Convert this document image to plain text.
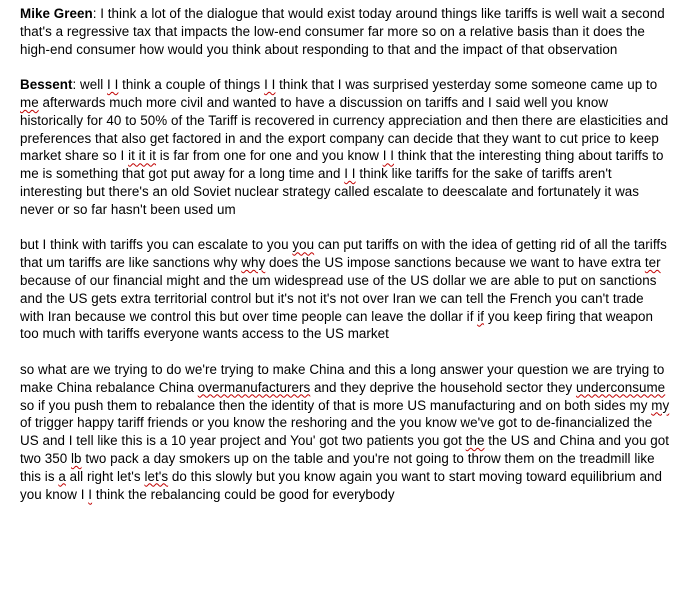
Mike Green: I think a lot of the dialogue that would exist today around things like tariffs is well wait a second that's a regressive tax that impacts the low-end consumer far more so on a relative basis than it does the high-end consumer how would you think about responding to that and the impact of that observation

Bessent: well I I think a couple of things I I think that I was surprised yesterday some someone came up to me afterwards much more civil and wanted to have a discussion on tariffs and I said well you know historically for 40 to 50% of the Tariff is recovered in currency appreciation and then there are elasticities and preferences that also get factored in and the export company can decide that they want to cut price to keep market share so I it it it is far from one for one and you know I I think that the interesting thing about tariffs to me is something that got put away for a long time and I I think like tariffs for the sake of tariffs aren't interesting but there's an old Soviet nuclear strategy called escalate to deescalate and fortunately it was never or so far hasn't been used um

but I think with tariffs you can escalate to you you can put tariffs on with the idea of getting rid of all the tariffs that um tariffs are like sanctions why why does the US impose sanctions because we want to have extra ter because of our financial might and the um widespread use of the US dollar we are able to put on sanctions and the US gets extra territorial control but it's not it's not over Iran we can tell the French you can't trade with Iran because we control this but over time people can leave the dollar if if you keep firing that weapon too much with tariffs everyone wants access to the US market

so what are we trying to do we're trying to make China and this a long answer your question we are trying to make China rebalance China overmanufacturers and they deprive the household sector they underconsume so if you push them to rebalance then the identity of that is more US manufacturing and on both sides my my of trigger happy tariff friends or you know the reshoring and the you know we've got to de-financialized the US and I tell like this is a 10 year project and You' got two patients you got the the US and China and you got two 350 lb two pack a day smokers up on the table and you're not going to throw them on the treadmill like this is a all right let's let's do this slowly but you know again you want to start moving toward equilibrium and you know I I think the rebalancing could be good for everybody
